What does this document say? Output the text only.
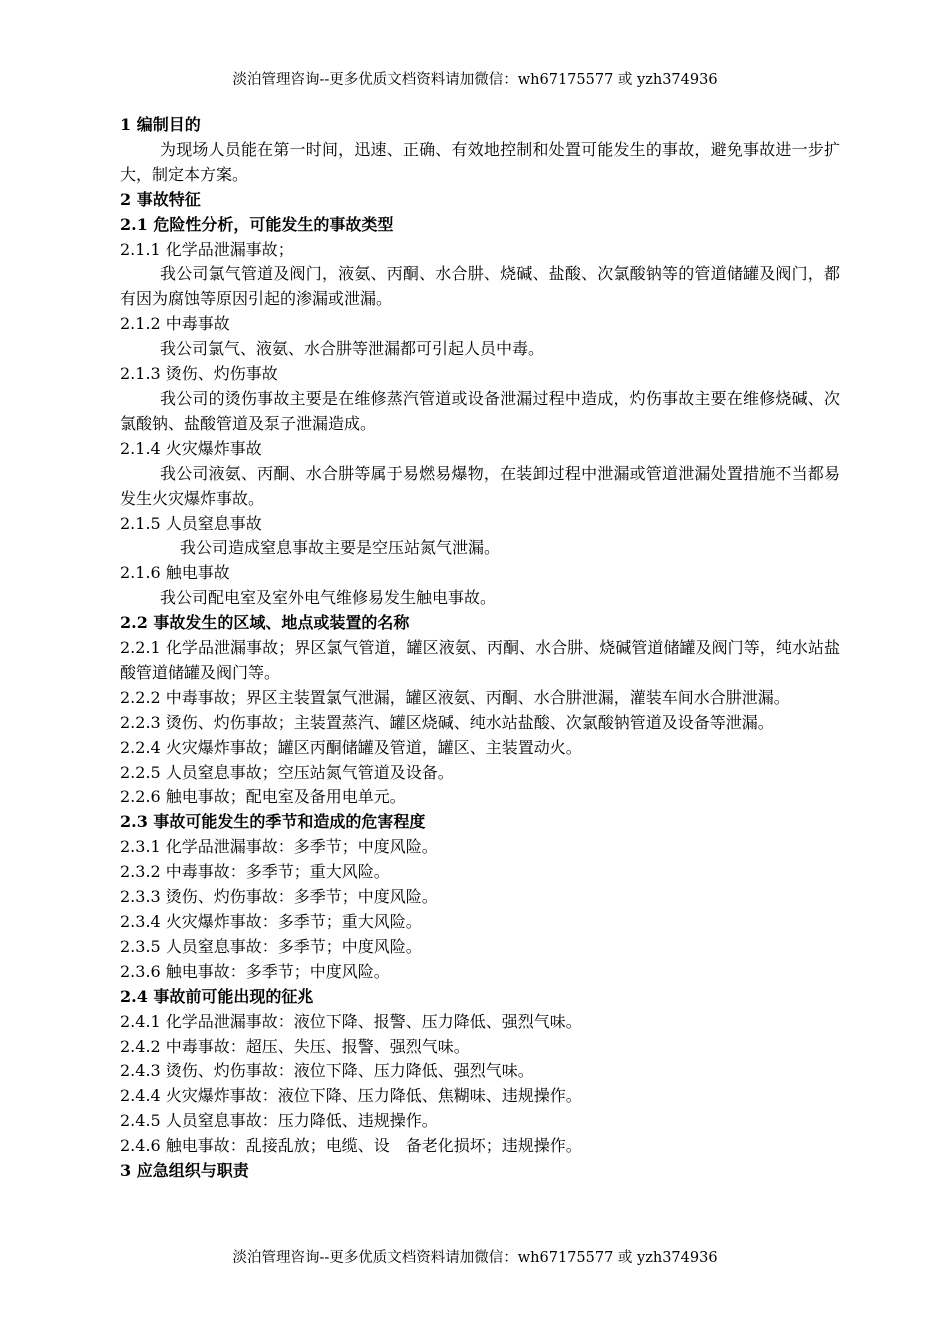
淡泊管理咨询--更多优质文档资料请加微信：wh67175577 或 yzh374936
1 编制目的
为现场人员能在第一时间，迅速、正确、有效地控制和处置可能发生的事故，避免事故进一步扩大，制定本方案。
2 事故特征
2.1 危险性分析，可能发生的事故类型
2.1.1 化学品泄漏事故；
我公司氯气管道及阀门，液氨、丙酮、水合肼、烧碱、盐酸、次氯酸钠等的管道储罐及阀门，都有因为腐蚀等原因引起的渗漏或泄漏。
2.1.2 中毒事故
我公司氯气、液氨、水合肼等泄漏都可引起人员中毒。
2.1.3 烫伤、灼伤事故
我公司的烫伤事故主要是在维修蒸汽管道或设备泄漏过程中造成，灼伤事故主要在维修烧碱、次氯酸钠、盐酸管道及泵子泄漏造成。
2.1.4 火灾爆炸事故
我公司液氨、丙酮、水合肼等属于易燃易爆物，在装卸过程中泄漏或管道泄漏处置措施不当都易发生火灾爆炸事故。
2.1.5 人员窒息事故
我公司造成窒息事故主要是空压站氮气泄漏。
2.1.6 触电事故
我公司配电室及室外电气维修易发生触电事故。
2.2 事故发生的区域、地点或装置的名称
2.2.1 化学品泄漏事故；界区氯气管道，罐区液氨、丙酮、水合肼、烧碱管道储罐及阀门等，纯水站盐酸管道储罐及阀门等。
2.2.2 中毒事故；界区主装置氯气泄漏，罐区液氨、丙酮、水合肼泄漏，灌装车间水合肼泄漏。
2.2.3 烫伤、灼伤事故；主装置蒸汽、罐区烧碱、纯水站盐酸、次氯酸钠管道及设备等泄漏。
2.2.4 火灾爆炸事故；罐区丙酮储罐及管道，罐区、主装置动火。
2.2.5 人员窒息事故；空压站氮气管道及设备。
2.2.6 触电事故；配电室及备用电单元。
2.3 事故可能发生的季节和造成的危害程度
2.3.1 化学品泄漏事故：多季节；中度风险。
2.3.2 中毒事故：多季节；重大风险。
2.3.3 烫伤、灼伤事故：多季节；中度风险。
2.3.4 火灾爆炸事故：多季节；重大风险。
2.3.5 人员窒息事故：多季节；中度风险。
2.3.6 触电事故：多季节；中度风险。
2.4 事故前可能出现的征兆
2.4.1 化学品泄漏事故：液位下降、报警、压力降低、强烈气味。
2.4.2 中毒事故：超压、失压、报警、强烈气味。
2.4.3 烫伤、灼伤事故：液位下降、压力降低、强烈气味。
2.4.4 火灾爆炸事故：液位下降、压力降低、焦糊味、违规操作。
2.4.5 人员窒息事故：压力降低、违规操作。
2.4.6 触电事故：乱接乱放；电缆、设　备老化损坏；违规操作。
3 应急组织与职责
淡泊管理咨询--更多优质文档资料请加微信：wh67175577 或 yzh374936
